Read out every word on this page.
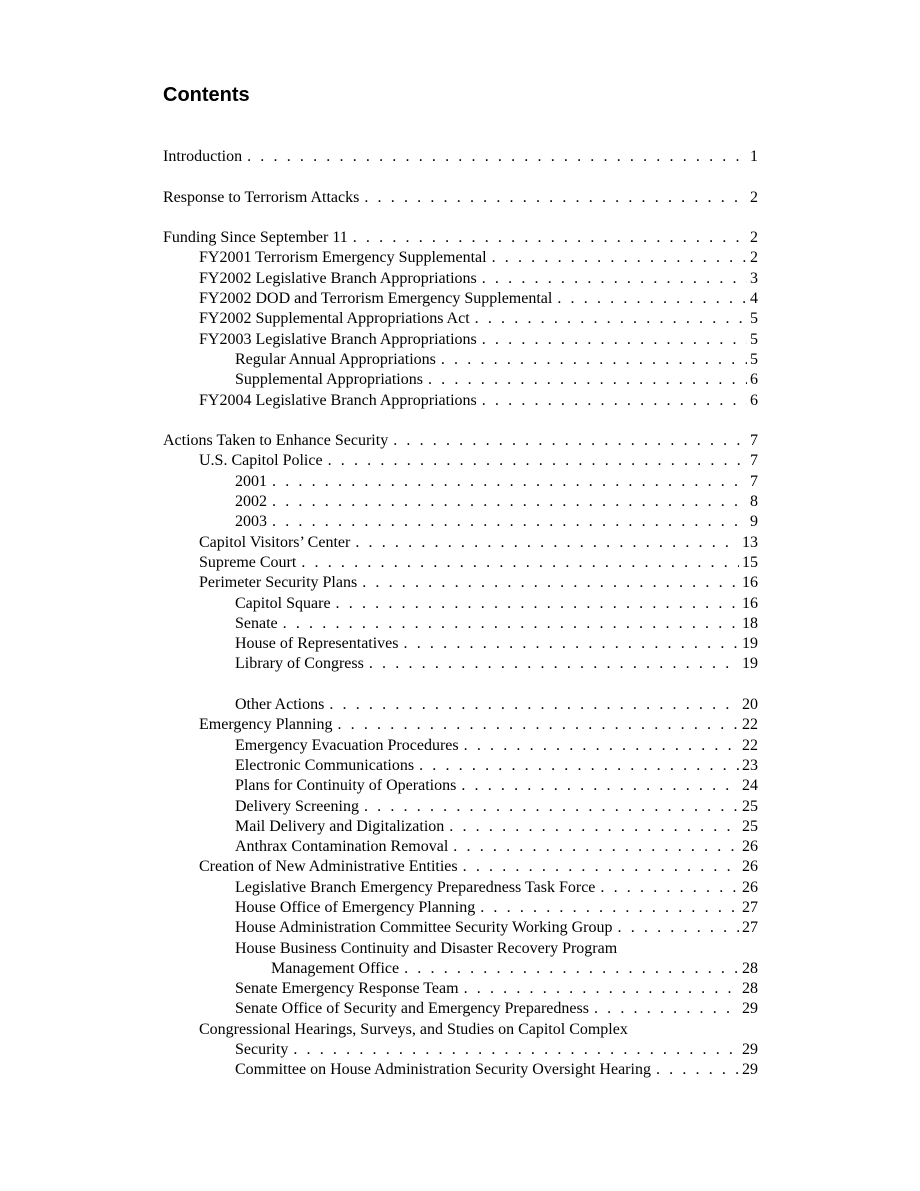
Contents
Introduction . . .	1
Response to Terrorism Attacks . . .	2
Funding Since September 11 . . .	2
FY2001 Terrorism Emergency Supplemental . . .	2
FY2002 Legislative Branch Appropriations . . .	3
FY2002 DOD and Terrorism Emergency Supplemental . . .	4
FY2002 Supplemental Appropriations Act . . .	5
FY2003 Legislative Branch Appropriations . . .	5
Regular Annual Appropriations . . .	5
Supplemental Appropriations . . .	6
FY2004 Legislative Branch Appropriations . . .	6
Actions Taken to Enhance Security . . .	7
U.S. Capitol Police . . .	7
2001 . . .	7
2002 . . .	8
2003 . . .	9
Capitol Visitors’ Center . . .	13
Supreme Court . . .	15
Perimeter Security Plans . . .	16
Capitol Square . . .	16
Senate . . .	18
House of Representatives . . .	19
Library of Congress . . .	19
Other Actions . . .	20
Emergency Planning . . .	22
Emergency Evacuation Procedures . . .	22
Electronic Communications . . .	23
Plans for Continuity of Operations . . .	24
Delivery Screening . . .	25
Mail Delivery and Digitalization . . .	25
Anthrax Contamination Removal . . .	26
Creation of New Administrative Entities . . .	26
Legislative Branch Emergency Preparedness Task Force . . .	26
House Office of Emergency Planning . . .	27
House Administration Committee Security Working Group . . .	27
House Business Continuity and Disaster Recovery Program
Management Office . . .	28
Senate Emergency Response Team . . .	28
Senate Office of Security and Emergency Preparedness . . .	29
Congressional Hearings, Surveys, and Studies on Capitol Complex
Security . . .	29
Committee on House Administration Security Oversight Hearing . . .	29
